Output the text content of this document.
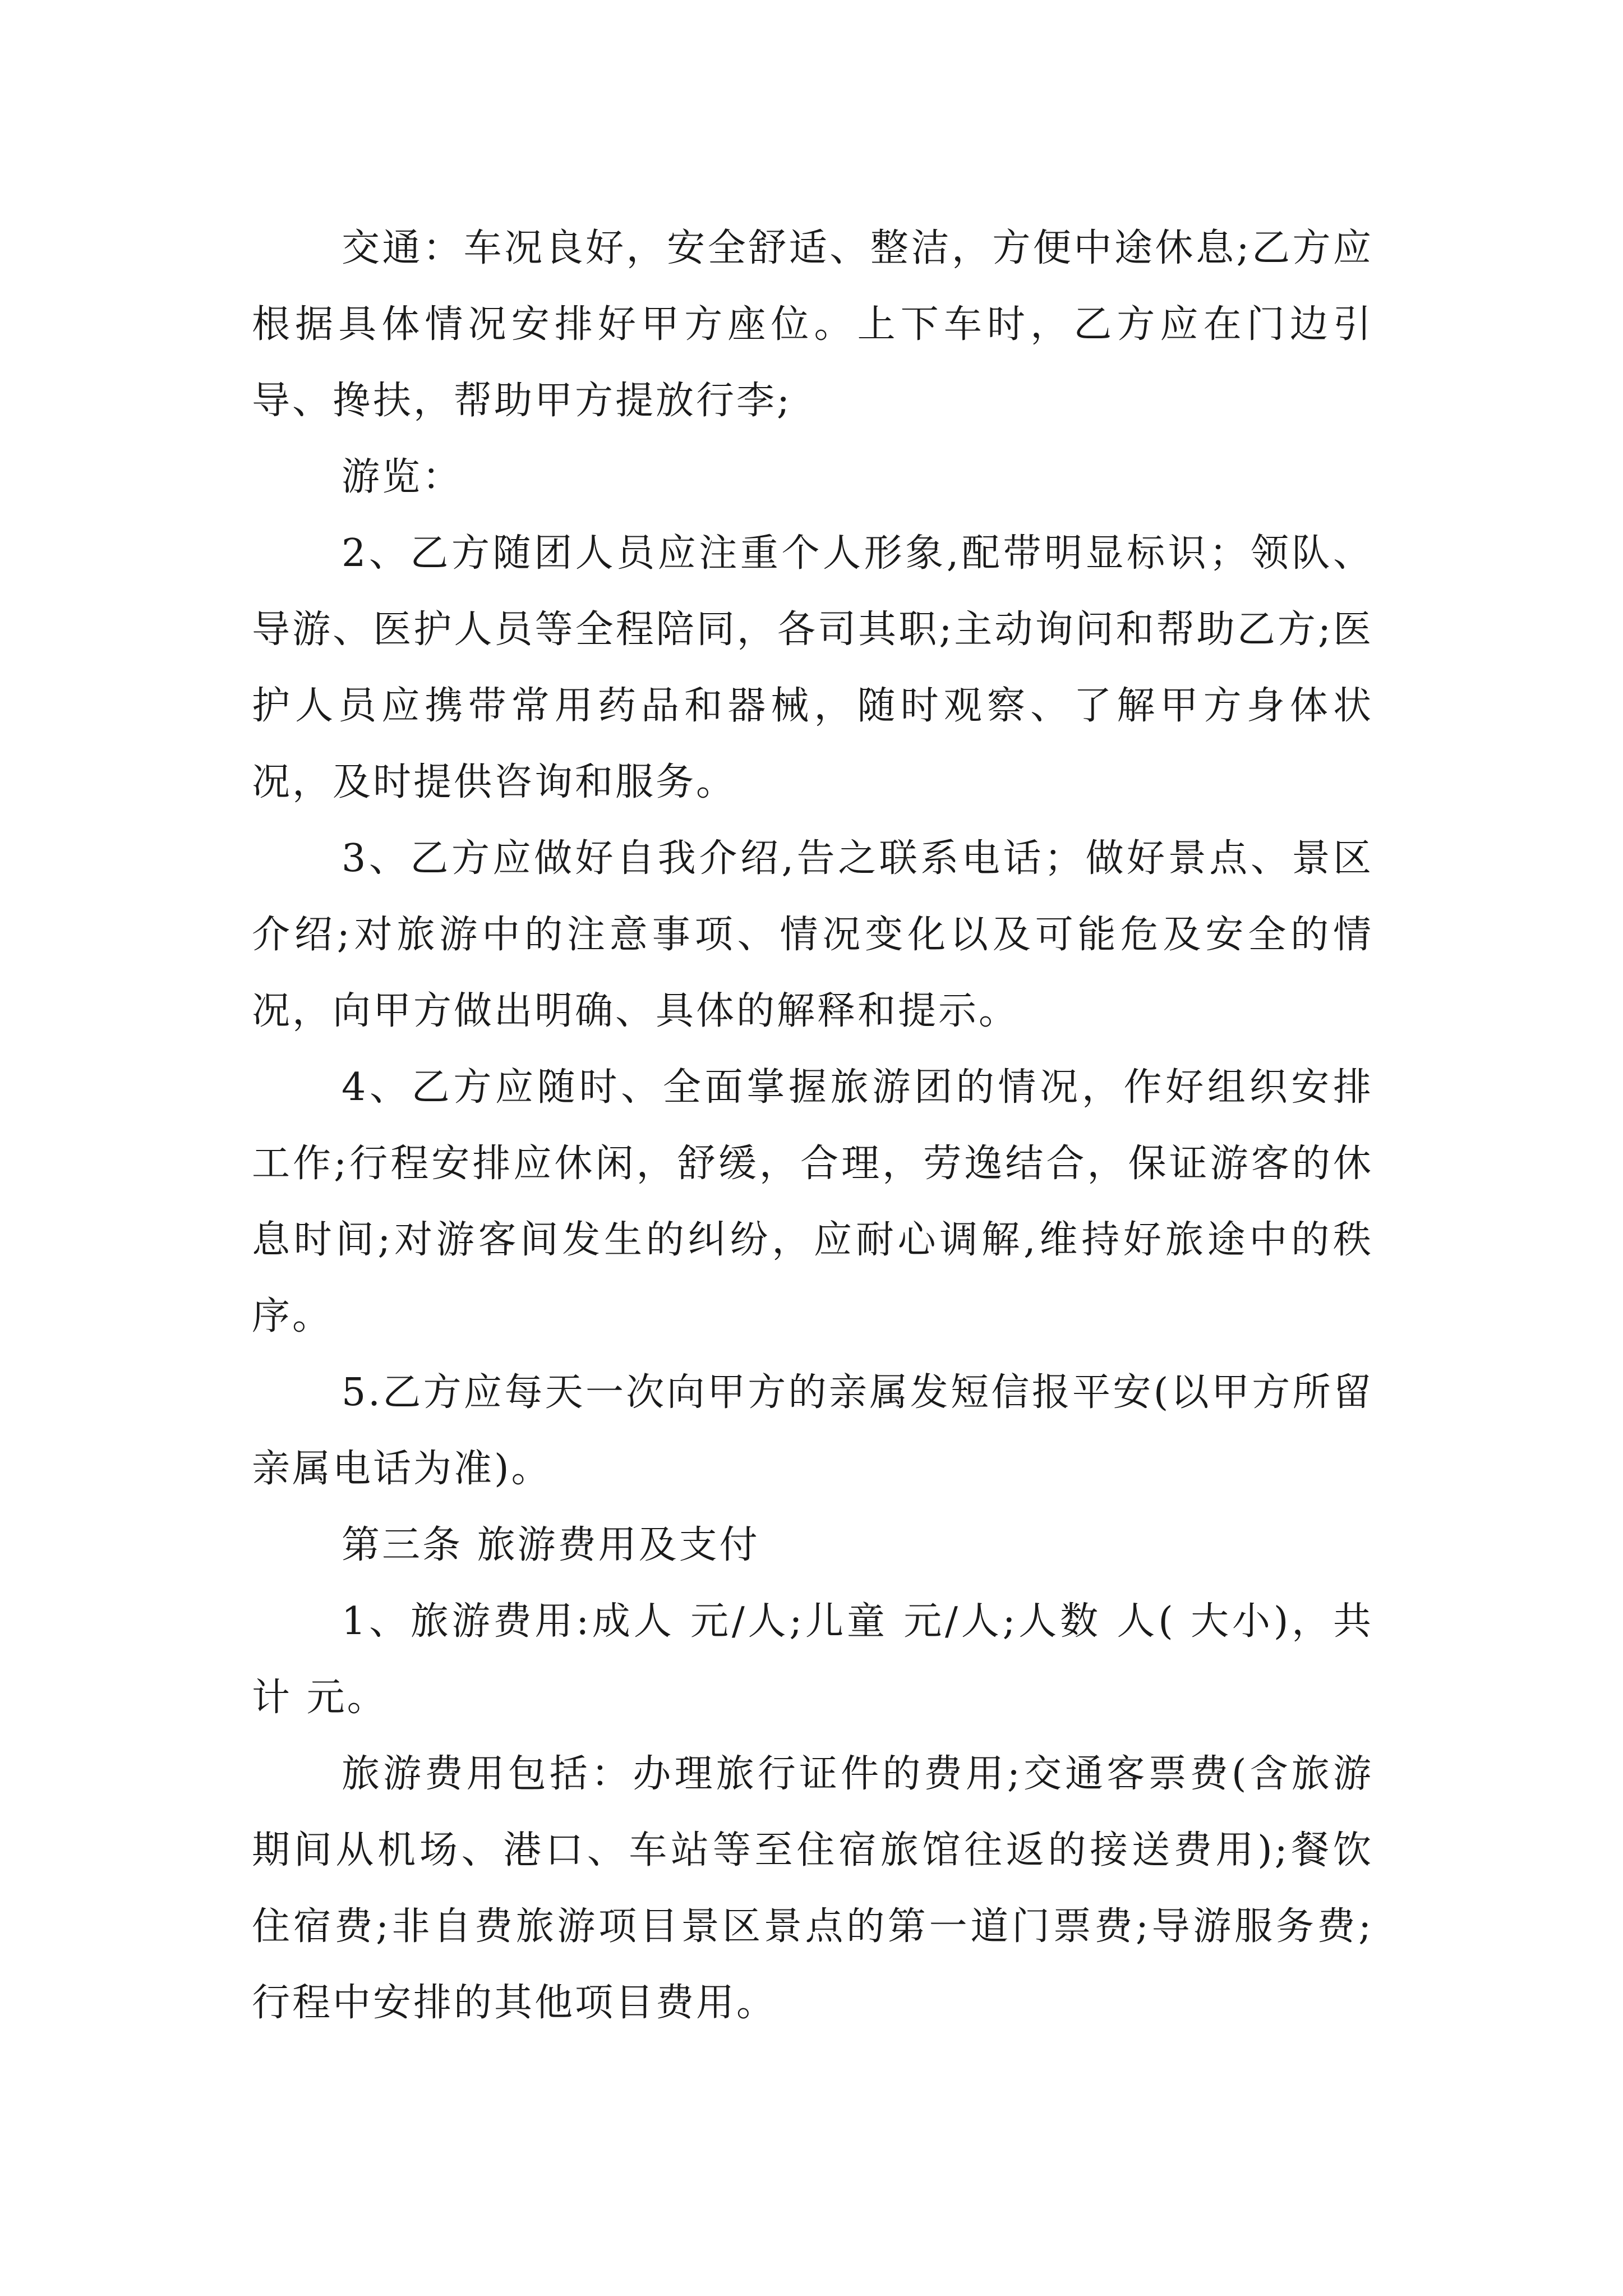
交通：车况良好，安全舒适、整洁，方便中途休息;乙方应根据具体情况安排好甲方座位。上下车时，乙方应在门边引导、搀扶，帮助甲方提放行李;

游览：

2、乙方随团人员应注重个人形象,配带明显标识；领队、导游、医护人员等全程陪同，各司其职;主动询问和帮助乙方;医护人员应携带常用药品和器械，随时观察、了解甲方身体状况，及时提供咨询和服务。

3、乙方应做好自我介绍,告之联系电话；做好景点、景区介绍;对旅游中的注意事项、情况变化以及可能危及安全的情况，向甲方做出明确、具体的解释和提示。

4、乙方应随时、全面掌握旅游团的情况，作好组织安排工作;行程安排应休闲，舒缓，合理，劳逸结合，保证游客的休息时间;对游客间发生的纠纷，应耐心调解,维持好旅途中的秩序。

5.乙方应每天一次向甲方的亲属发短信报平安(以甲方所留亲属电话为准)。

第三条 旅游费用及支付

1、旅游费用:成人 元/人;儿童 元/人;人数 人( 大小)，共计 元。

旅游费用包括：办理旅行证件的费用;交通客票费(含旅游期间从机场、港口、车站等至住宿旅馆往返的接送费用);餐饮住宿费;非自费旅游项目景区景点的第一道门票费;导游服务费;行程中安排的其他项目费用。
